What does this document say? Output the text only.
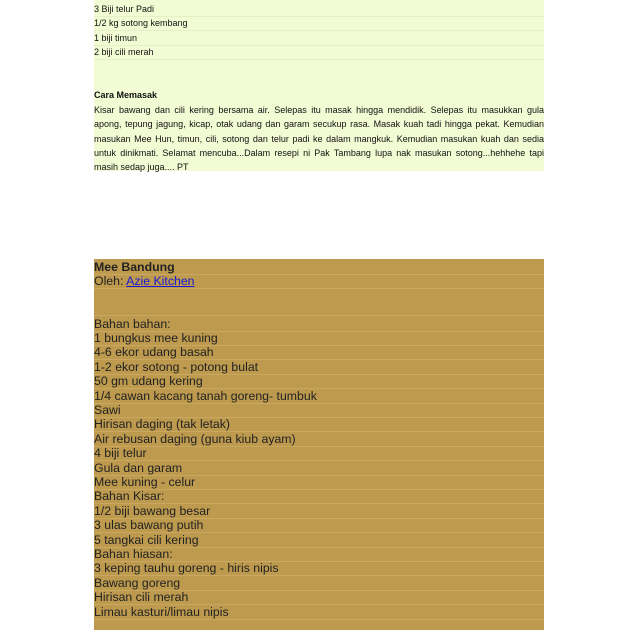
3 Biji telur Padi
1/2 kg sotong kembang
1 biji timun
2 biji cili merah
Cara Memasak
Kisar bawang dan cili kering bersama air. Selepas itu masak hingga mendidik. Selepas itu masukkan gula apong, tepung jagung, kicap, otak udang dan garam secukup rasa. Masak kuah tadi hingga pekat. Kemudian masukan Mee Hun, timun, cili, sotong dan telur padi ke dalam mangkuk. Kemudian masukan kuah dan sedia untuk dinikmati. Selamat mencuba...Dalam resepi ni Pak Tambang lupa nak masukan sotong...hehhehe tapi masih sedap juga.... PT
Mee Bandung
Oleh: Azie Kitchen
Bahan bahan:
1 bungkus mee kuning
4-6 ekor udang basah
1-2 ekor sotong - potong bulat
50 gm udang kering
1/4 cawan kacang tanah goreng- tumbuk
Sawi
Hirisan daging (tak letak)
Air rebusan daging (guna kiub ayam)
4 biji telur
Gula dan garam
Mee kuning - celur
Bahan Kisar:
1/2 biji bawang besar
3 ulas bawang putih
5 tangkai cili kering
Bahan hiasan:
3 keping tauhu goreng - hiris nipis
Bawang goreng
Hirisan cili merah
Limau kasturi/limau nipis
